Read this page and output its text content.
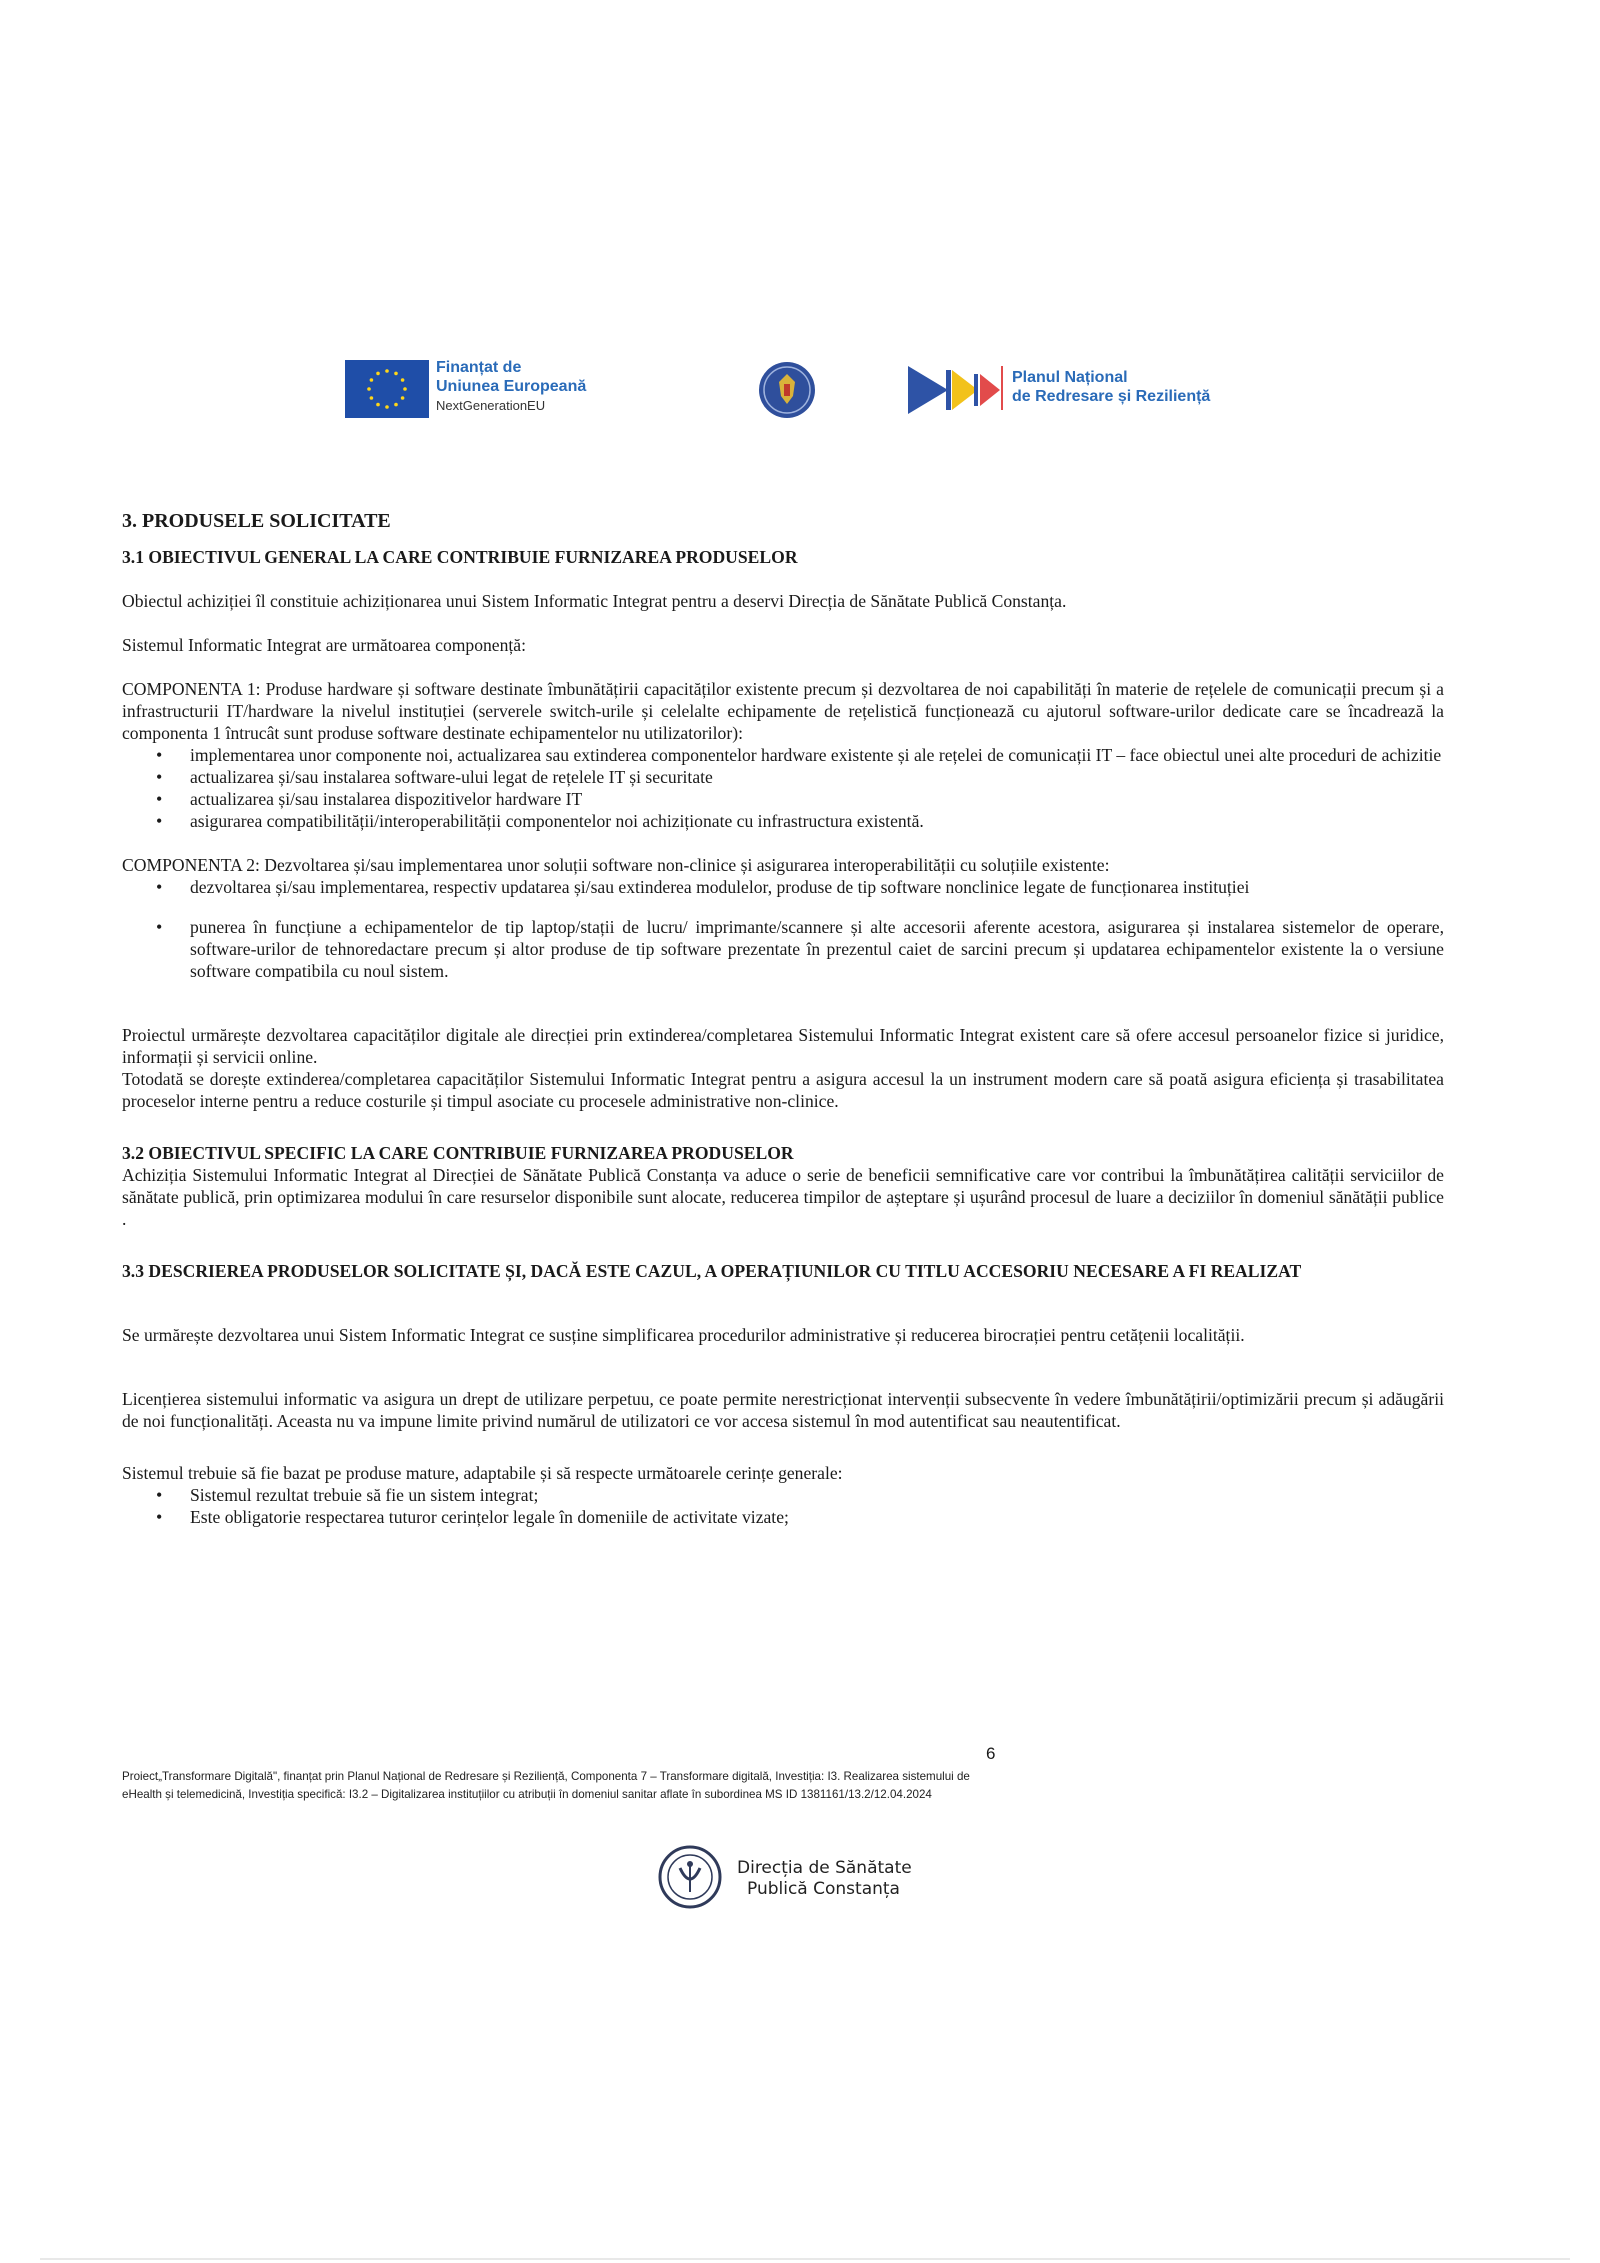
Finanțat de
Uniunea Europeană
NextGenerationEU
Planul Național
de Redresare și Reziliență

3. PRODUSELE SOLICITATE

3.1 OBIECTIVUL GENERAL LA CARE CONTRIBUIE FURNIZAREA PRODUSELOR

Obiectul achiziției îl constituie achiziționarea unui Sistem Informatic Integrat pentru a deservi Direcția de Sănătate Publică Constanța.

Sistemul Informatic Integrat are următoarea componență:

COMPONENTA 1: Produse hardware și software destinate îmbunătățirii capacităților existente precum și dezvoltarea de noi capabilități în materie de rețelele de comunicații precum și a infrastructurii IT/hardware la nivelul instituției (serverele switch-urile și celelalte echipamente de rețelistică funcționează cu ajutorul software-urilor dedicate care se încadrează la componenta 1 întrucât sunt produse software destinate echipamentelor nu utilizatorilor):

• implementarea unor componente noi, actualizarea sau extinderea componentelor hardware existente și ale rețelei de comunicații IT – face obiectul unei alte proceduri de achizitie
• actualizarea și/sau instalarea software-ului legat de rețelele IT și securitate
• actualizarea și/sau instalarea dispozitivelor hardware IT
• asigurarea compatibilității/interoperabilității componentelor noi achiziționate cu infrastructura existentă.

COMPONENTA 2: Dezvoltarea și/sau implementarea unor soluții software non-clinice și asigurarea interoperabilității cu soluțiile existente:

• dezvoltarea și/sau implementarea, respectiv updatarea și/sau extinderea modulelor, produse de tip software nonclinice legate de funcționarea instituției
• punerea în funcțiune a echipamentelor de tip laptop/stații de lucru/ imprimante/scannere și alte accesorii aferente acestora, asigurarea și instalarea sistemelor de operare, software-urilor de tehnoredactare precum și altor produse de tip software prezentate în prezentul caiet de sarcini precum și updatarea echipamentelor existente la o versiune software compatibila cu noul sistem.

Proiectul urmărește dezvoltarea capacităților digitale ale direcției prin extinderea/completarea Sistemului Informatic Integrat existent care să ofere accesul persoanelor fizice si juridice, informații și servicii online.

Totodată se dorește extinderea/completarea capacităților Sistemului Informatic Integrat pentru a asigura accesul la un instrument modern care să poată asigura eficiența și trasabilitatea proceselor interne pentru a reduce costurile și timpul asociate cu procesele administrative non-clinice.

3.2 OBIECTIVUL SPECIFIC LA CARE CONTRIBUIE FURNIZAREA PRODUSELOR

Achiziția Sistemului Informatic Integrat al Direcției de Sănătate Publică Constanța va aduce o serie de beneficii semnificative care vor contribui la îmbunătățirea calității serviciilor de sănătate publică, prin optimizarea modului în care resurselor disponibile sunt alocate, reducerea timpilor de așteptare și ușurând procesul de luare a deciziilor în domeniul sănătății publice .

3.3 DESCRIEREA PRODUSELOR SOLICITATE ȘI, DACĂ ESTE CAZUL, A OPERAȚIUNILOR CU TITLU ACCESORIU NECESARE A FI REALIZAT

Se urmărește dezvoltarea unui Sistem Informatic Integrat ce susține simplificarea procedurilor administrative și reducerea birocrației pentru cetățenii localității.

Licențierea sistemului informatic va asigura un drept de utilizare perpetuu, ce poate permite nerestricționat intervenții subsecvente în vedere îmbunătățirii/optimizării precum și adăugării de noi funcționalități. Aceasta nu va impune limite privind numărul de utilizatori ce vor accesa sistemul în mod autentificat sau neautentificat.

Sistemul trebuie să fie bazat pe produse mature, adaptabile și să respecte următoarele cerințe generale:

• Sistemul rezultat trebuie să fie un sistem integrat;
• Este obligatorie respectarea tuturor cerințelor legale în domeniile de activitate vizate;
6
Proiect„Transformare Digitală", finanțat prin Planul Național de Redresare și Reziliență, Componenta 7 – Transformare digitală, Investiția: I3. Realizarea sistemului de eHealth și telemedicină, Investiția specifică: I3.2 – Digitalizarea instituțiilor cu atribuții în domeniul sanitar aflate în subordinea MS ID 1381161/13.2/12.04.2024
Direcția de Sănătate
Publică Constanța
